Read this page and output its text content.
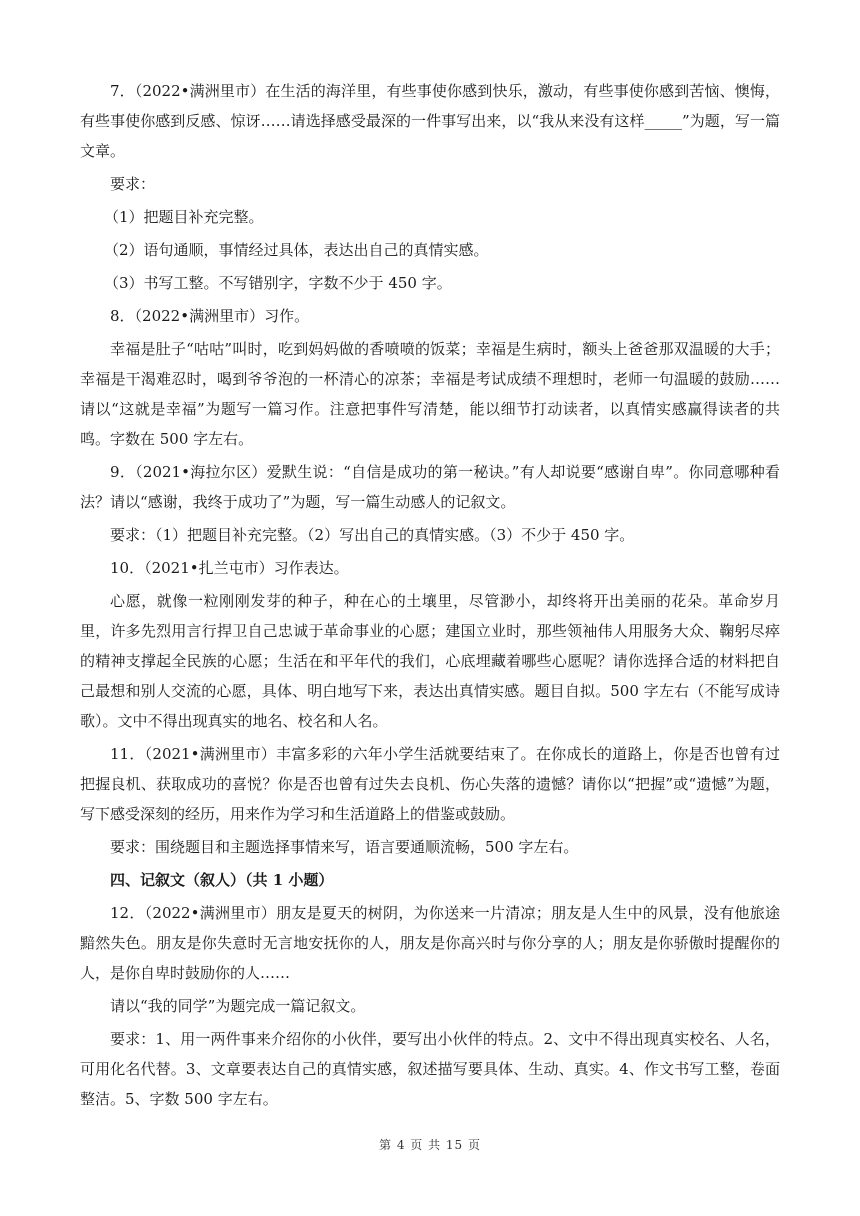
7．（2022•满洲里市）在生活的海洋里，有些事使你感到快乐，激动，有些事使你感到苦恼、懊悔，有些事使你感到反感、惊讶……请选择感受最深的一件事写出来，以“我从来没有这样_____”为题，写一篇文章。

要求：

（1）把题目补充完整。

（2）语句通顺，事情经过具体，表达出自己的真情实感。

（3）书写工整。不写错别字，字数不少于 450 字。

8．（2022•满洲里市）习作。

幸福是肚子“咕咕”叫时，吃到妈妈做的香喷喷的饭菜；幸福是生病时，额头上爸爸那双温暖的大手；幸福是干渴难忍时，喝到爷爷泡的一杯清心的凉茶；幸福是考试成绩不理想时，老师一句温暖的鼓励……请以“这就是幸福”为题写一篇习作。注意把事件写清楚，能以细节打动读者，以真情实感赢得读者的共鸣。字数在 500 字左右。

9．（2021•海拉尔区）爱默生说：“自信是成功的第一秘诀。”有人却说要“感谢自卑”。你同意哪种看法？请以“感谢，我终于成功了”为题，写一篇生动感人的记叙文。

要求：（1）把题目补充完整。（2）写出自己的真情实感。（3）不少于 450 字。

10．（2021•扎兰屯市）习作表达。

心愿，就像一粒刚刚发芽的种子，种在心的土壤里，尽管渺小，却终将开出美丽的花朵。革命岁月里，许多先烈用言行捍卫自己忠诚于革命事业的心愿；建国立业时，那些领袖伟人用服务大众、鞠躬尽瘁的精神支撑起全民族的心愿；生活在和平年代的我们，心底埋藏着哪些心愿呢？请你选择合适的材料把自己最想和别人交流的心愿，具体、明白地写下来，表达出真情实感。题目自拟。500 字左右（不能写成诗歌）。文中不得出现真实的地名、校名和人名。

11．（2021•满洲里市）丰富多彩的六年小学生活就要结束了。在你成长的道路上，你是否也曾有过把握良机、获取成功的喜悦？你是否也曾有过失去良机、伤心失落的遗憾？请你以“把握”或“遗憾”为题，写下感受深刻的经历，用来作为学习和生活道路上的借鉴或鼓励。

要求：围绕题目和主题选择事情来写，语言要通顺流畅，500 字左右。

四、记叙文（叙人）（共 1 小题）

12．（2022•满洲里市）朋友是夏天的树阴，为你送来一片清凉；朋友是人生中的风景，没有他旅途黯然失色。朋友是你失意时无言地安抚你的人，朋友是你高兴时与你分享的人；朋友是你骄傲时提醒你的人，是你自卑时鼓励你的人……

请以“我的同学”为题完成一篇记叙文。

要求：1、用一两件事来介绍你的小伙伴，要写出小伙伴的特点。2、文中不得出现真实校名、人名，可用化名代替。3、文章要表达自己的真情实感，叙述描写要具体、生动、真实。4、作文书写工整，卷面整洁。5、字数 500 字左右。

第 4 页 共 15 页
